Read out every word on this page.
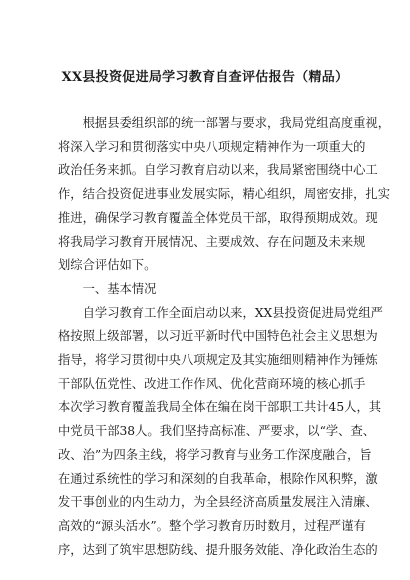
XX县投资促进局学习教育自查评估报告（精品）

根据县委组织部的统一部署与要求，我局党组高度重视，
将深入学习和贯彻落实中央八项规定精神作为一项重大的
政治任务来抓。自学习教育启动以来，我局紧密围绕中心工
作，结合投资促进事业发展实际，精心组织，周密安排，扎实
推进，确保学习教育覆盖全体党员干部，取得预期成效。现
将我局学习教育开展情况、主要成效、存在问题及未来规
划综合评估如下。

一、基本情况

自学习教育工作全面启动以来，XX县投资促进局党组严
格按照上级部署，以习近平新时代中国特色社会主义思想为
指导，将学习贯彻中央八项规定及其实施细则精神作为锤炼
干部队伍党性、改进工作作风、优化营商环境的核心抓手
本次学习教育覆盖我局全体在编在岗干部职工共计45人，其
中党员干部38人。我们坚持高标准、严要求，以“学、查、
改、治”为四条主线，将学习教育与业务工作深度融合，旨
在通过系统性的学习和深刻的自我革命，根除作风积弊，激
发干事创业的内生动力，为全县经济高质量发展注入清廉、
高效的“源头活水”。整个学习教育历时数月，过程严谨有
序，达到了筑牢思想防线、提升服务效能、净化政治生态的
